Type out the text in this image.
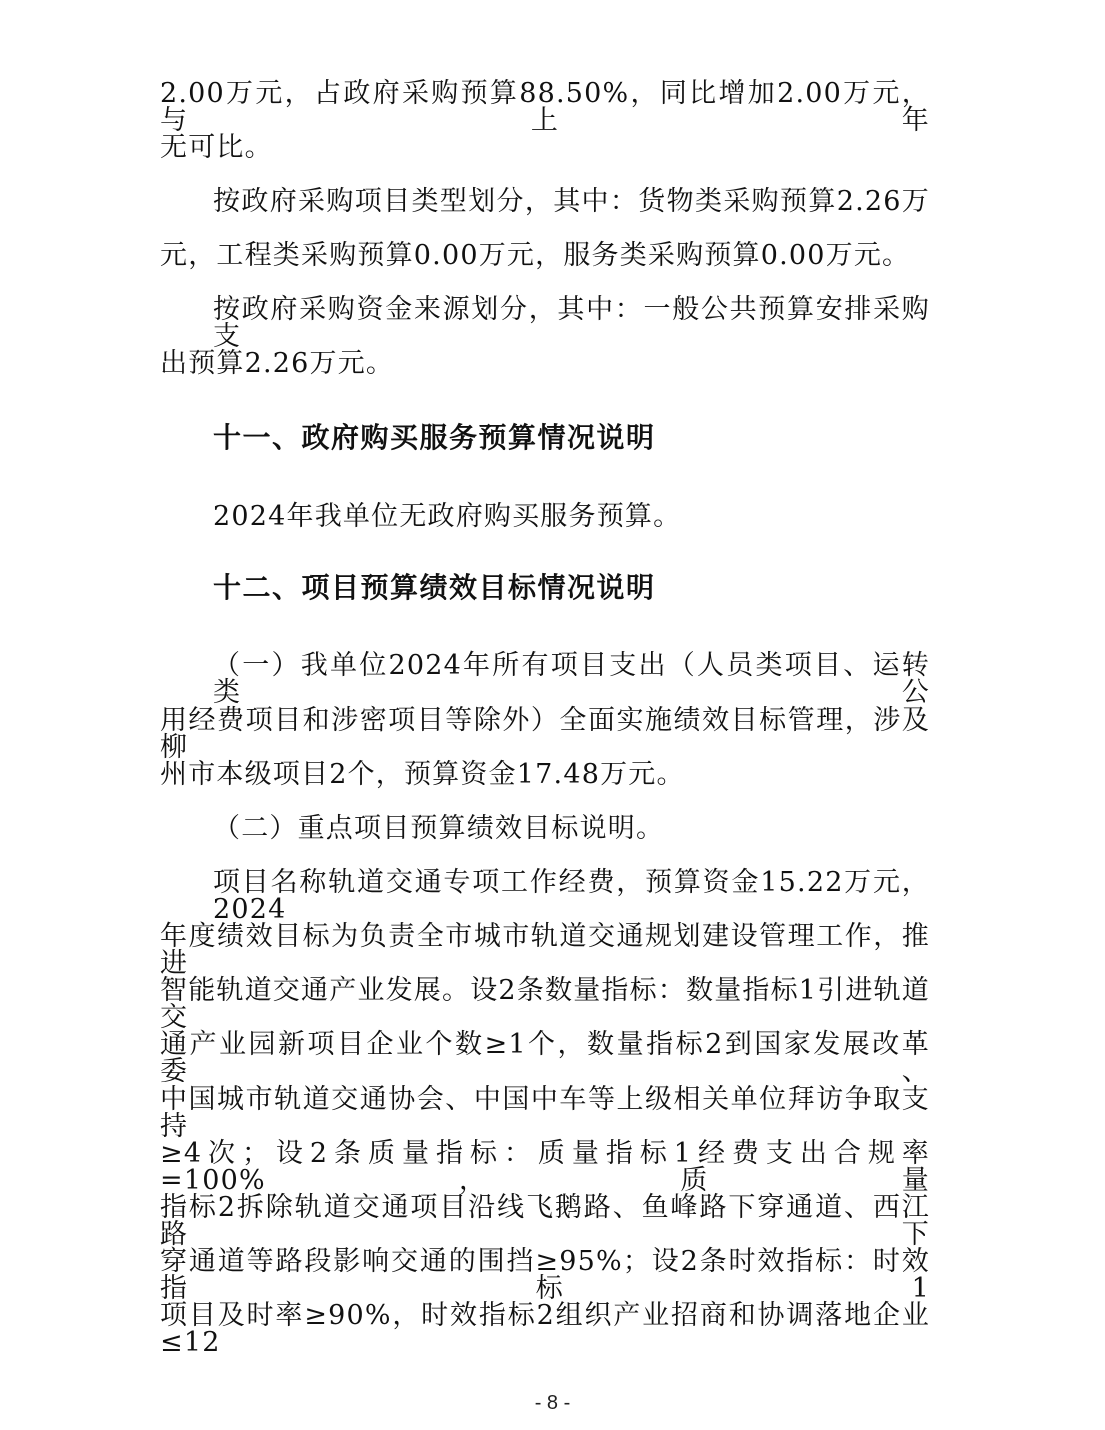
2.00万元，占政府采购预算88.50%，同比增加2.00万元，与上年
无可比。
按政府采购项目类型划分，其中：货物类采购预算2.26万
元，工程类采购预算0.00万元，服务类采购预算0.00万元。
按政府采购资金来源划分，其中：一般公共预算安排采购支
出预算2.26万元。
十一、政府购买服务预算情况说明
2024年我单位无政府购买服务预算。
十二、项目预算绩效目标情况说明
（一）我单位2024年所有项目支出（人员类项目、运转类公
用经费项目和涉密项目等除外）全面实施绩效目标管理，涉及柳
州市本级项目2个，预算资金17.48万元。
（二）重点项目预算绩效目标说明。
项目名称轨道交通专项工作经费，预算资金15.22万元，2024
年度绩效目标为负责全市城市轨道交通规划建设管理工作，推进
智能轨道交通产业发展。设2条数量指标：数量指标1引进轨道交
通产业园新项目企业个数≥1个，数量指标2到国家发展改革委、
中国城市轨道交通协会、中国中车等上级相关单位拜访争取支持
≥4次；设2条质量指标：质量指标1经费支出合规率=100%，质量
指标2拆除轨道交通项目沿线飞鹅路、鱼峰路下穿通道、西江路下
穿通道等路段影响交通的围挡≥95%；设2条时效指标：时效指标1
项目及时率≥90%，时效指标2组织产业招商和协调落地企业≤12
- 8 -
